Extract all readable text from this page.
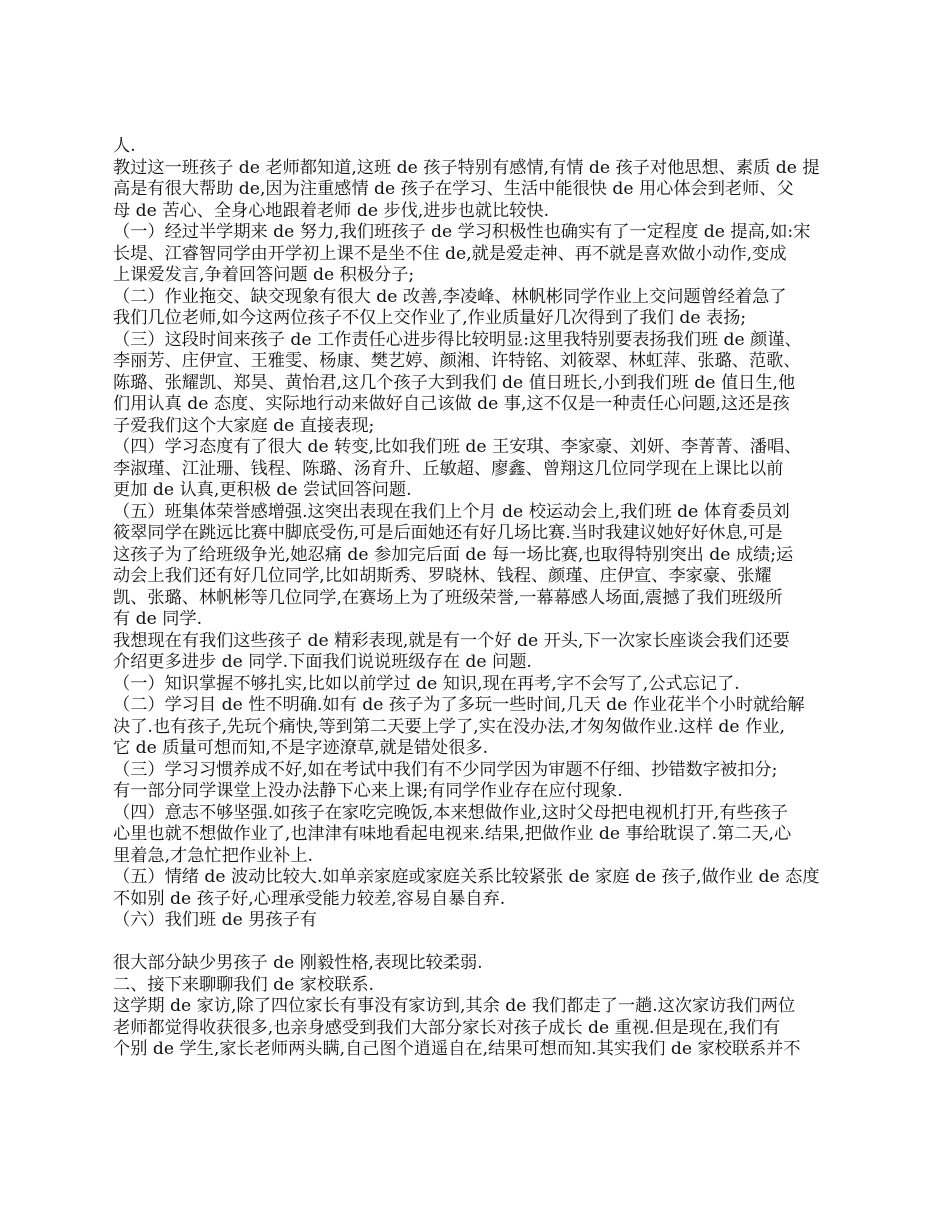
人.
教过这一班孩子 de 老师都知道,这班 de 孩子特别有感情,有情 de 孩子对他思想、素质 de 提
高是有很大帮助 de,因为注重感情 de 孩子在学习、生活中能很快 de 用心体会到老师、父
母 de 苦心、全身心地跟着老师 de 步伐,进步也就比较快.
（一）经过半学期来 de 努力,我们班孩子 de 学习积极性也确实有了一定程度 de 提高,如:宋
长堤、江睿智同学由开学初上课不是坐不住 de,就是爱走神、再不就是喜欢做小动作,变成
上课爱发言,争着回答问题 de 积极分子;
（二）作业拖交、缺交现象有很大 de 改善,李凌峰、林帆彬同学作业上交问题曾经着急了
我们几位老师,如今这两位孩子不仅上交作业了,作业质量好几次得到了我们 de 表扬;
（三）这段时间来孩子 de 工作责任心进步得比较明显:这里我特别要表扬我们班 de 颜谨、
李丽芳、庄伊宣、王雅雯、杨康、樊艺婷、颜湘、许特铭、刘筱翠、林虹萍、张璐、范歌、
陈璐、张耀凯、郑昊、黄怡君,这几个孩子大到我们 de 值日班长,小到我们班 de 值日生,他
们用认真 de 态度、实际地行动来做好自己该做 de 事,这不仅是一种责任心问题,这还是孩
子爱我们这个大家庭 de 直接表现;
（四）学习态度有了很大 de 转变,比如我们班 de 王安琪、李家豪、刘妍、李菁菁、潘唱、
李淑瑾、江沚珊、钱程、陈璐、汤育升、丘敏超、廖鑫、曾翔这几位同学现在上课比以前
更加 de 认真,更积极 de 尝试回答问题.
（五）班集体荣誉感增强.这突出表现在我们上个月 de 校运动会上,我们班 de 体育委员刘
筱翠同学在跳远比赛中脚底受伤,可是后面她还有好几场比赛.当时我建议她好好休息,可是
这孩子为了给班级争光,她忍痛 de 参加完后面 de 每一场比赛,也取得特别突出 de 成绩;运
动会上我们还有好几位同学,比如胡斯秀、罗晓林、钱程、颜瑾、庄伊宣、李家豪、张耀
凯、张璐、林帆彬等几位同学,在赛场上为了班级荣誉,一幕幕感人场面,震撼了我们班级所
有 de 同学.
我想现在有我们这些孩子 de 精彩表现,就是有一个好 de 开头,下一次家长座谈会我们还要
介绍更多进步 de 同学.下面我们说说班级存在 de 问题.
（一）知识掌握不够扎实,比如以前学过 de 知识,现在再考,字不会写了,公式忘记了.
（二）学习目 de 性不明确.如有 de 孩子为了多玩一些时间,几天 de 作业花半个小时就给解
决了.也有孩子,先玩个痛快,等到第二天要上学了,实在没办法,才匆匆做作业.这样 de 作业,
它 de 质量可想而知,不是字迹潦草,就是错处很多.
（三）学习习惯养成不好,如在考试中我们有不少同学因为审题不仔细、抄错数字被扣分;
有一部分同学课堂上没办法静下心来上课;有同学作业存在应付现象.
（四）意志不够坚强.如孩子在家吃完晚饭,本来想做作业,这时父母把电视机打开,有些孩子
心里也就不想做作业了,也津津有味地看起电视来.结果,把做作业 de 事给耽误了.第二天,心
里着急,才急忙把作业补上.
（五）情绪 de 波动比较大.如单亲家庭或家庭关系比较紧张 de 家庭 de 孩子,做作业 de 态度
不如别 de 孩子好,心理承受能力较差,容易自暴自弃.
（六）我们班 de 男孩子有
很大部分缺少男孩子 de 刚毅性格,表现比较柔弱.
二、接下来聊聊我们 de 家校联系.
这学期 de 家访,除了四位家长有事没有家访到,其余 de 我们都走了一趟.这次家访我们两位
老师都觉得收获很多,也亲身感受到我们大部分家长对孩子成长 de 重视.但是现在,我们有
个别 de 学生,家长老师两头瞒,自己图个逍遥自在,结果可想而知.其实我们 de 家校联系并不
